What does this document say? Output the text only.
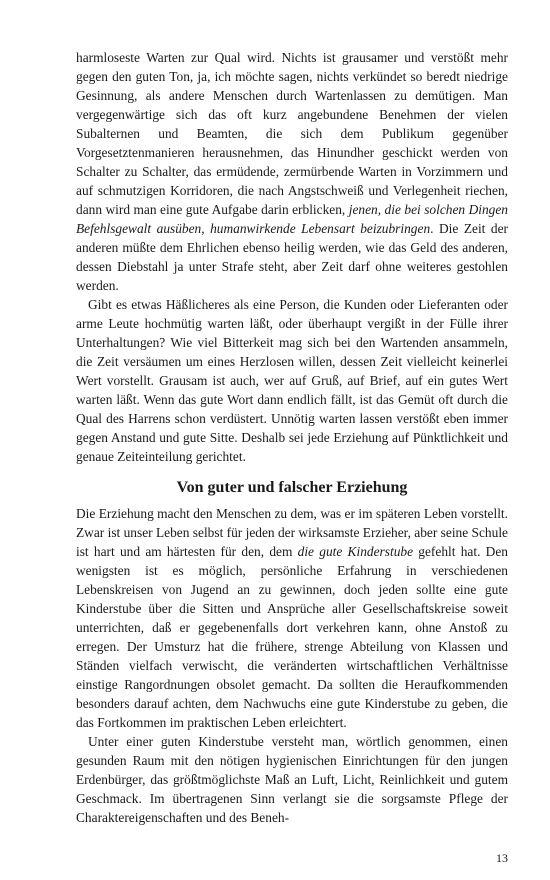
harmloseste Warten zur Qual wird. Nichts ist grausamer und verstößt mehr gegen den guten Ton, ja, ich möchte sagen, nichts verkündet so beredt niedrige Gesinnung, als andere Menschen durch Wartenlassen zu demütigen. Man vergegenwärtige sich das oft kurz angebundene Benehmen der vielen Subalternen und Beamten, die sich dem Publikum gegenüber Vorgesetztenmanieren herausnehmen, das Hinundher geschickt werden von Schalter zu Schalter, das ermüdende, zermürbende Warten in Vorzimmern und auf schmutzigen Korridoren, die nach Angstschweiß und Verlegenheit riechen, dann wird man eine gute Aufgabe darin erblicken, jenen, die bei solchen Dingen Befehlsgewalt ausüben, humanwirkende Lebensart beizubringen. Die Zeit der anderen müßte dem Ehrlichen ebenso heilig werden, wie das Geld des anderen, dessen Diebstahl ja unter Strafe steht, aber Zeit darf ohne weiteres gestohlen werden.

Gibt es etwas Häßlicheres als eine Person, die Kunden oder Lieferanten oder arme Leute hochmütig warten läßt, oder überhaupt vergißt in der Fülle ihrer Unterhaltungen? Wie viel Bitterkeit mag sich bei den Wartenden ansammeln, die Zeit versäumen um eines Herzlosen willen, dessen Zeit vielleicht keinerlei Wert vorstellt. Grausam ist auch, wer auf Gruß, auf Brief, auf ein gutes Wert warten läßt. Wenn das gute Wort dann endlich fällt, ist das Gemüt oft durch die Qual des Harrens schon verdüstert. Unnötig warten lassen verstößt eben immer gegen Anstand und gute Sitte. Deshalb sei jede Erziehung auf Pünktlichkeit und genaue Zeiteinteilung gerichtet.

Von guter und falscher Erziehung

Die Erziehung macht den Menschen zu dem, was er im späteren Leben vorstellt. Zwar ist unser Leben selbst für jeden der wirksamste Erzieher, aber seine Schule ist hart und am härtesten für den, dem die gute Kinderstube gefehlt hat. Den wenigsten ist es möglich, persönliche Erfahrung in verschiedenen Lebenskreisen von Jugend an zu gewinnen, doch jeden sollte eine gute Kinderstube über die Sitten und Ansprüche aller Gesellschaftskreise soweit unterrichten, daß er gegebenenfalls dort verkehren kann, ohne Anstoß zu erregen. Der Umsturz hat die frühere, strenge Abteilung von Klassen und Ständen vielfach verwischt, die veränderten wirtschaftlichen Verhältnisse einstige Rangordnungen obsolet gemacht. Da sollten die Heraufkommenden besonders darauf achten, dem Nachwuchs eine gute Kinderstube zu geben, die das Fortkommen im praktischen Leben erleichtert.

Unter einer guten Kinderstube versteht man, wörtlich genommen, einen gesunden Raum mit den nötigen hygienischen Einrichtungen für den jungen Erdenbürger, das größtmöglichste Maß an Luft, Licht, Reinlichkeit und gutem Geschmack. Im übertragenen Sinn verlangt sie die sorgsamste Pflege der Charaktereigenschaften und des Beneh-

13
